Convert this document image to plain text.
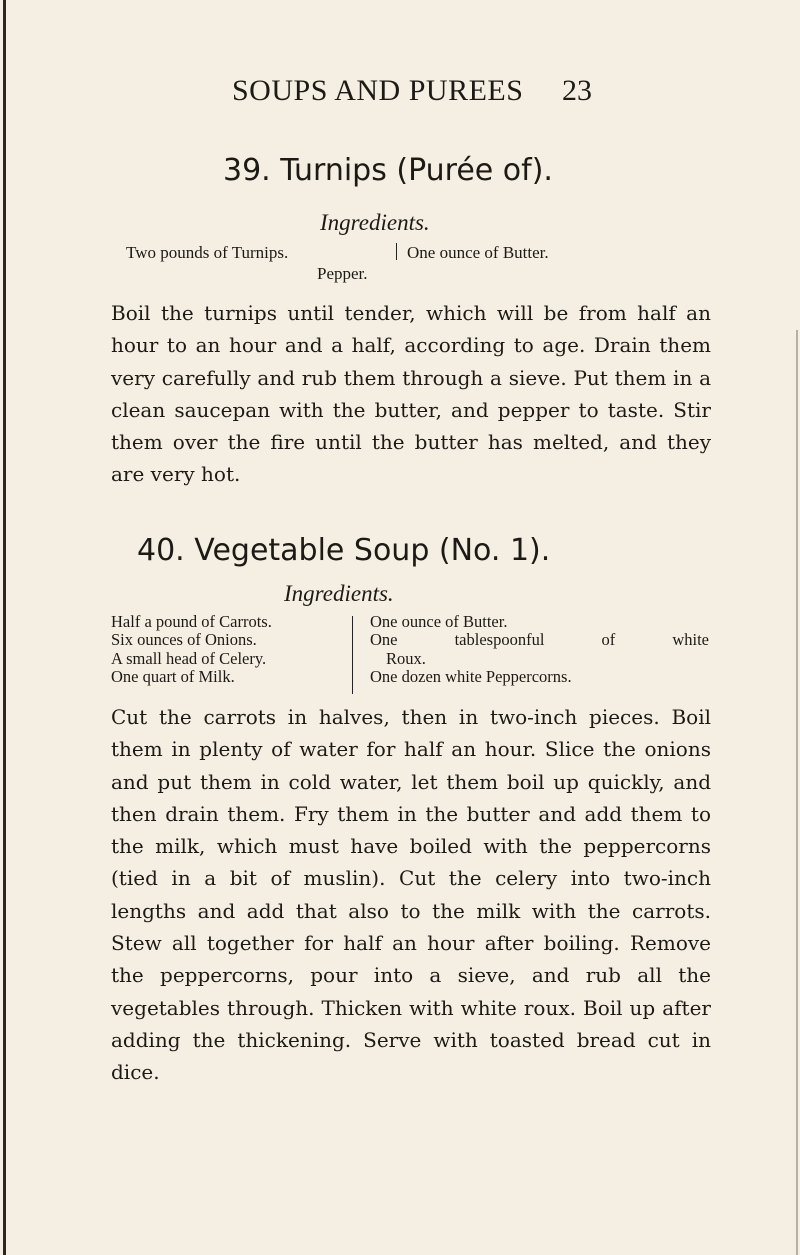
SOUPS AND PUREES 23
39. Turnips (Purée of).
Ingredients.
Two pounds of Turnips.	One ounce of Butter.
Pepper.
Boil the turnips until tender, which will be from half an hour to an hour and a half, according to age. Drain them very carefully and rub them through a sieve. Put them in a clean saucepan with the butter, and pepper to taste. Stir them over the fire until the butter has melted, and they are very hot.
40. Vegetable Soup (No. 1).
Ingredients.
Half a pound of Carrots.
Six ounces of Onions.
A small head of Celery.
One quart of Milk.
One ounce of Butter.
One tablespoonful of white
Roux.
One dozen white Peppercorns.
Cut the carrots in halves, then in two-inch pieces. Boil them in plenty of water for half an hour. Slice the onions and put them in cold water, let them boil up quickly, and then drain them. Fry them in the butter and add them to the milk, which must have boiled with the peppercorns (tied in a bit of muslin). Cut the celery into two-inch lengths and add that also to the milk with the carrots. Stew all together for half an hour after boiling. Remove the peppercorns, pour into a sieve, and rub all the vegetables through. Thicken with white roux. Boil up after adding the thickening. Serve with toasted bread cut in dice.
